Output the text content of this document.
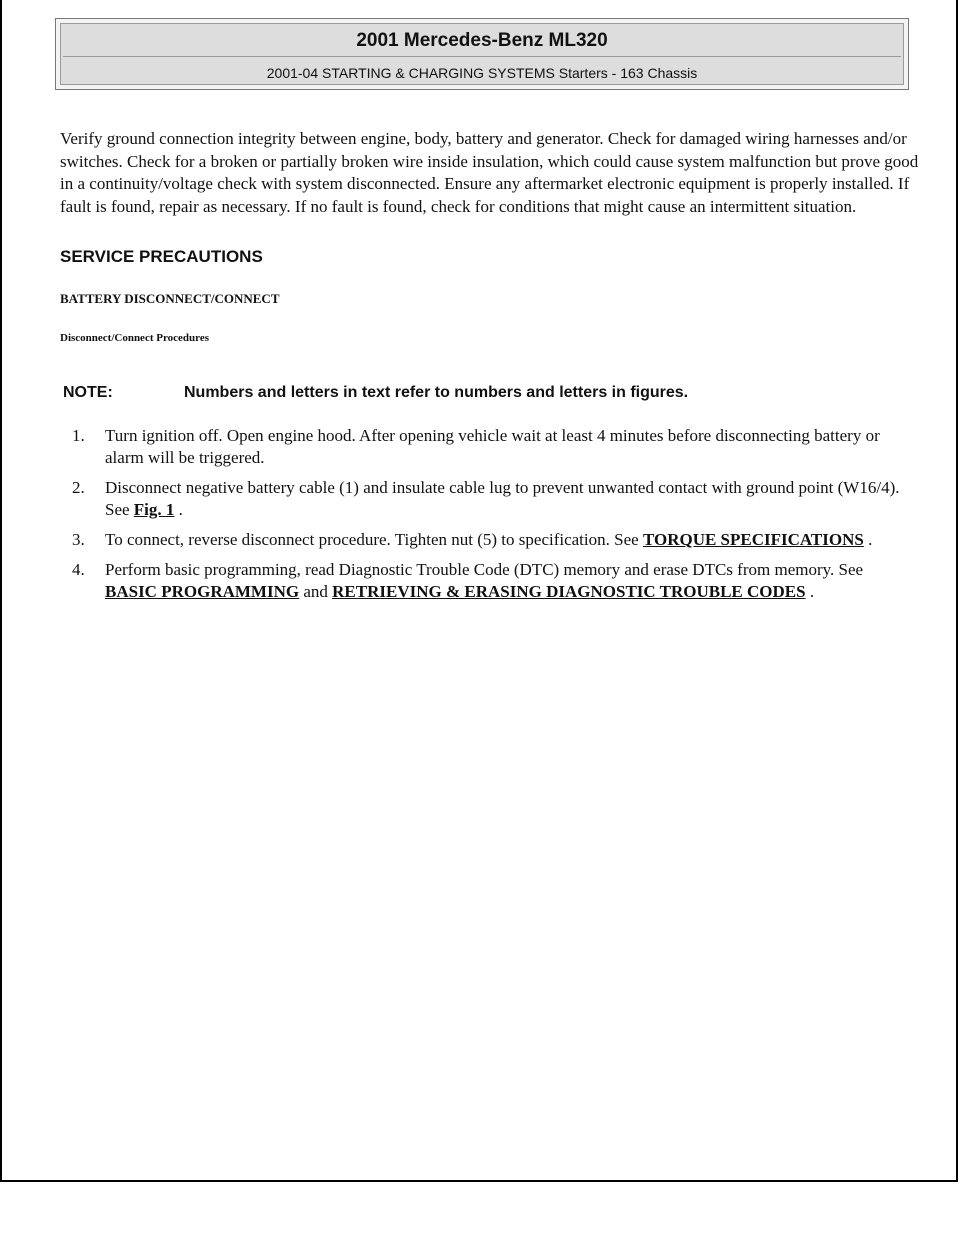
2001 Mercedes-Benz ML320
2001-04 STARTING & CHARGING SYSTEMS Starters - 163 Chassis

Verify ground connection integrity between engine, body, battery and generator. Check for damaged wiring harnesses and/or switches. Check for a broken or partially broken wire inside insulation, which could cause system malfunction but prove good in a continuity/voltage check with system disconnected. Ensure any aftermarket electronic equipment is properly installed. If fault is found, repair as necessary. If no fault is found, check for conditions that might cause an intermittent situation.

SERVICE PRECAUTIONS
BATTERY DISCONNECT/CONNECT
Disconnect/Connect Procedures
NOTE:	Numbers and letters in text refer to numbers and letters in figures.
1. Turn ignition off. Open engine hood. After opening vehicle wait at least 4 minutes before disconnecting battery or alarm will be triggered.
2. Disconnect negative battery cable (1) and insulate cable lug to prevent unwanted contact with ground point (W16/4). See Fig. 1 .
3. To connect, reverse disconnect procedure. Tighten nut (5) to specification. See TORQUE SPECIFICATIONS .
4. Perform basic programming, read Diagnostic Trouble Code (DTC) memory and erase DTCs from memory. See BASIC PROGRAMMING and RETRIEVING & ERASING DIAGNOSTIC TROUBLE CODES .
